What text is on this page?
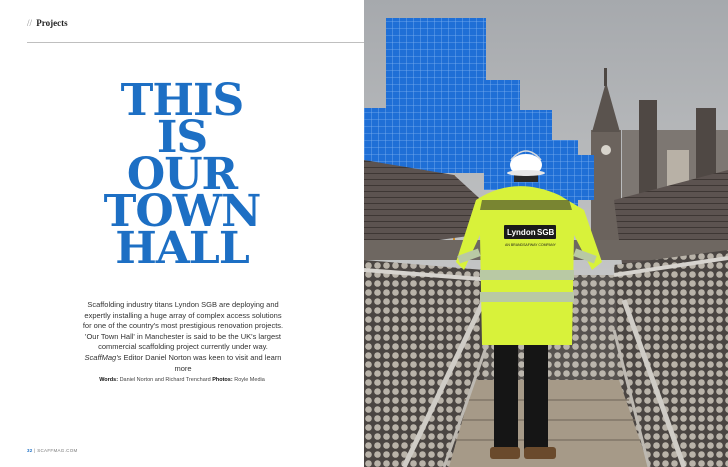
// Projects
THIS
IS
OUR
TOWN
HALL
Scaffolding industry titans Lyndon SGB are deploying and expertly installing a huge array of complex access solutions for one of the country's most prestigious renovation projects. 'Our Town Hall' in Manchester is said to be the UK's largest commercial scaffolding project currently under way. ScaffMag's Editor Daniel Norton was keen to visit and learn more
Words: Daniel Norton and Richard Trenchard Photos: Royle Media
32 | SCAFFMAG.COM
Lyndon SGB
AN BRANDSAFWAY COMPANY
